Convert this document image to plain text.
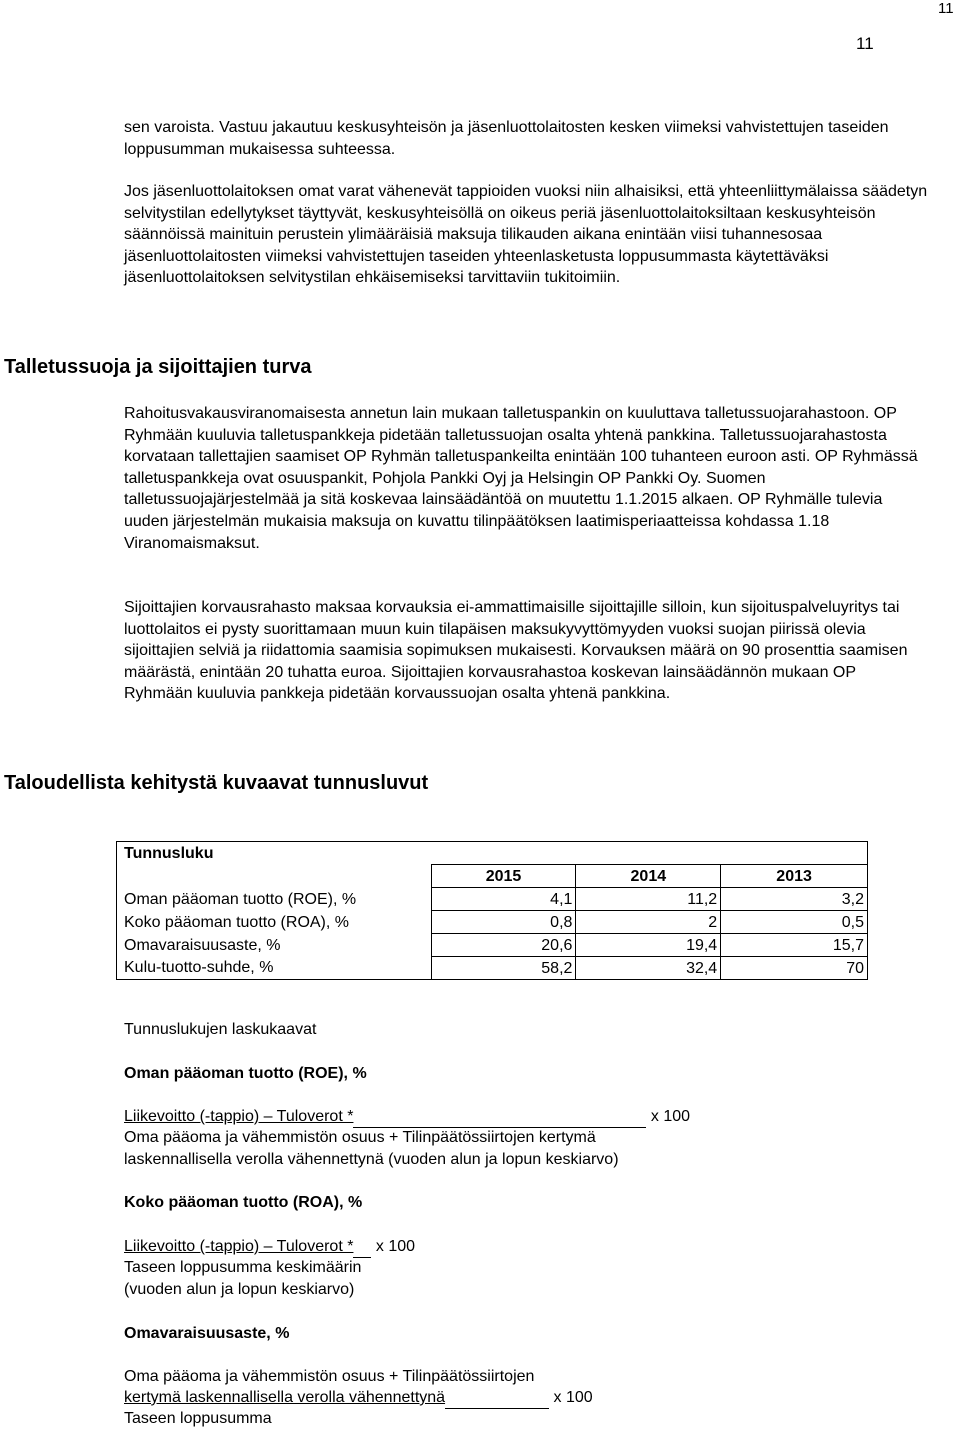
11
11

sen varoista. Vastuu jakautuu keskusyhteisön ja jäsenluottolaitosten kesken viimeksi vahvistettujen taseiden loppusumman mukaisessa suhteessa.

Jos jäsenluottolaitoksen omat varat vähenevät tappioiden vuoksi niin alhaisiksi, että yhteenliittymälaissa säädetyn selvitystilan edellytykset täyttyvät, keskusyhteisöllä on oikeus periä jäsenluottolaitoksiltaan keskusyhteisön säännöissä mainituin perustein ylimääräisiä maksuja tilikauden aikana enintään viisi tuhannesosaa jäsenluottolaitosten viimeksi vahvistettujen taseiden yhteenlasketusta loppusummasta käytettäväksi jäsenluottolaitoksen selvitystilan ehkäisemiseksi tarvittaviin tukitoimiin.

Talletussuoja ja sijoittajien turva

Rahoitusvakausviranomaisesta annetun lain mukaan talletuspankin on kuuluttava talletussuojarahastoon. OP Ryhmään kuuluvia talletuspankkeja pidetään talletussuojan osalta yhtenä pankkina. Talletussuojarahastosta korvataan tallettajien saamiset OP Ryhmän talletuspankeilta enintään 100 tuhanteen euroon asti. OP Ryhmässä talletuspankkeja ovat osuuspankit, Pohjola Pankki Oyj ja Helsingin OP Pankki Oy. Suomen talletussuojajärjestelmää ja sitä koskevaa lainsäädäntöä on muutettu 1.1.2015 alkaen. OP Ryhmälle tulevia uuden järjestelmän mukaisia maksuja on kuvattu tilinpäätöksen laatimisperiaatteissa kohdassa 1.18 Viranomaismaksut.

Sijoittajien korvausrahasto maksaa korvauksia ei-ammattimaisille sijoittajille silloin, kun sijoituspalveluyritys tai luottolaitos ei pysty suorittamaan muun kuin tilapäisen maksukyvyttömyyden vuoksi suojan piirissä olevia sijoittajien selviä ja riidattomia saamisia sopimuksen mukaisesti. Korvauksen määrä on 90 prosenttia saamisen määrästä, enintään 20 tuhatta euroa. Sijoittajien korvausrahastoa koskevan lainsäädännön mukaan OP Ryhmään kuuluvia pankkeja pidetään korvaussuojan osalta yhtenä pankkina.

Taloudellista kehitystä kuvaavat tunnusluvut
Tunnusluku			
	2015	2014	2013
Oman pääoman tuotto (ROE), %	4,1	11,2	3,2
Koko pääoman tuotto (ROA), %	0,8	2	0,5
Omavaraisuusaste, %	20,6	19,4	15,7
Kulu-tuotto-suhde, %	58,2	32,4	70

Tunnuslukujen laskukaavat

Oman pääoman tuotto (ROE), %

Liikevoitto (-tappio) – Tuloverot *	x 100

Oma pääoma ja vähemmistön osuus + Tilinpäätössiirtojen kertymä

laskennallisella verolla vähennettynä (vuoden alun ja lopun keskiarvo)

Koko pääoman tuotto (ROA), %

Liikevoitto (-tappio) – Tuloverot * x 100

Taseen loppusumma keskimäärin

(vuoden alun ja lopun keskiarvo)

Omavaraisuusaste, %

Oma pääoma ja vähemmistön osuus + Tilinpäätössiirtojen

kertymä laskennallisella verolla vähennettynä	x 100

Taseen loppusumma
